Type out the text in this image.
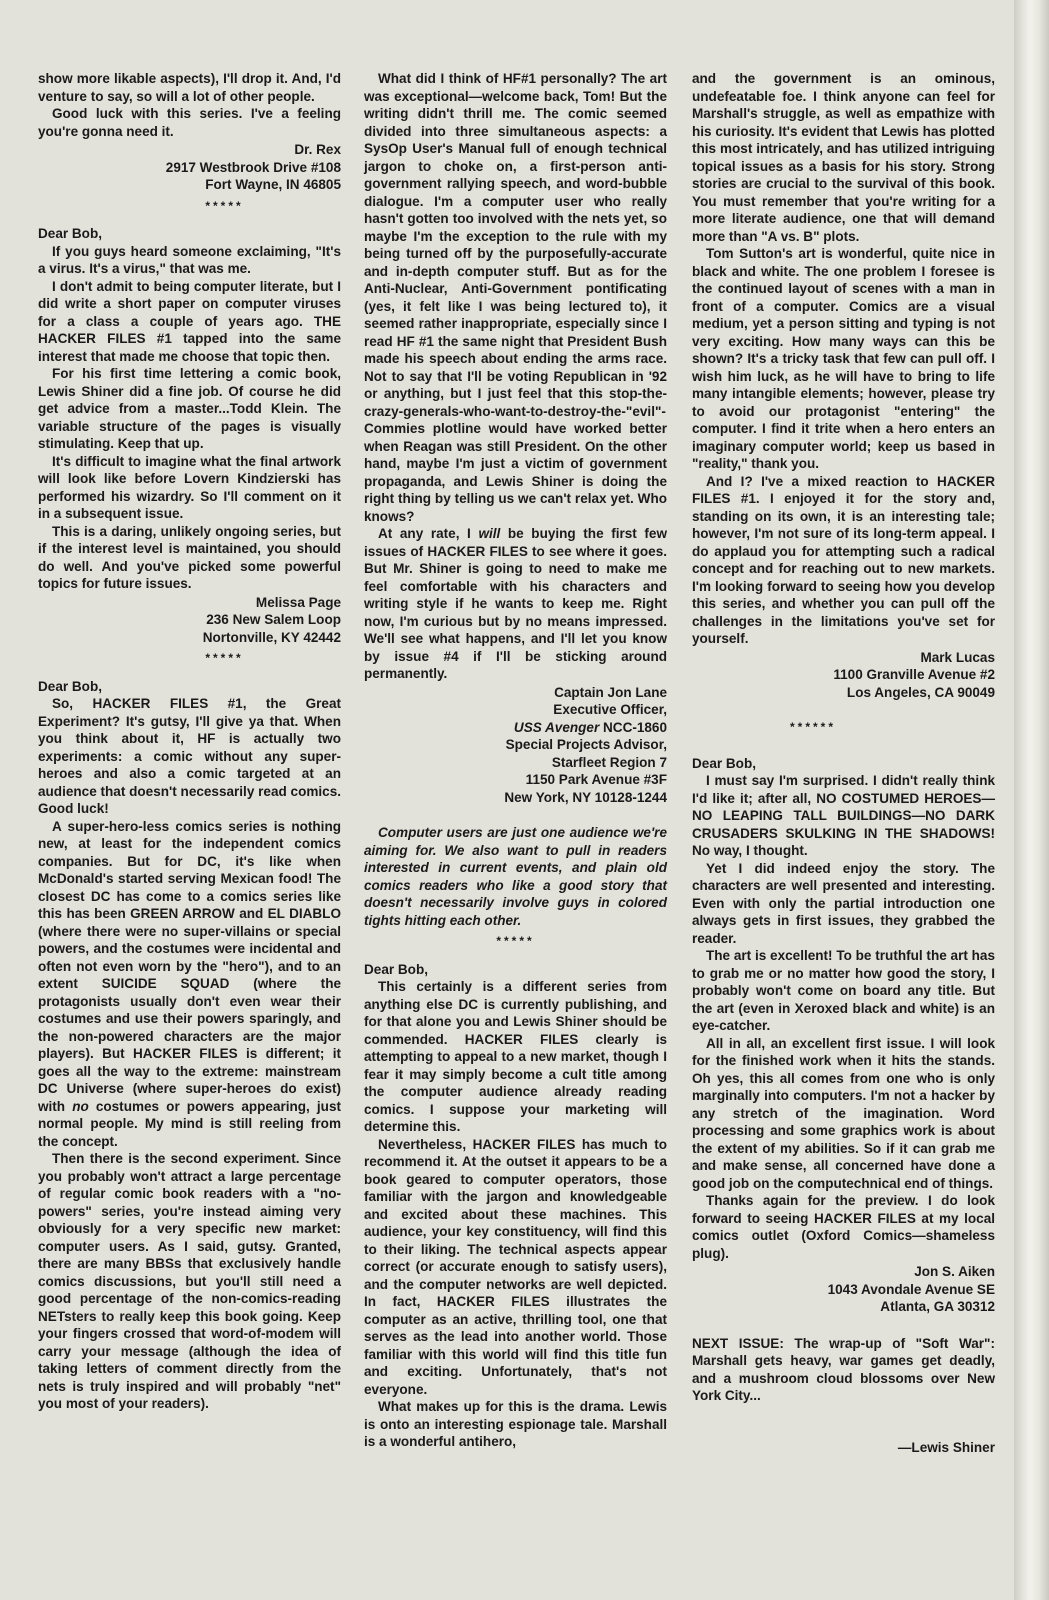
show more likable aspects), I'll drop it. And, I'd venture to say, so will a lot of other people.

Good luck with this series. I've a feeling you're gonna need it.

Dr. Rex
2917 Westbrook Drive #108
Fort Wayne, IN 46805
*****

Dear Bob,

If you guys heard someone exclaiming, "It's a virus. It's a virus," that was me.

I don't admit to being computer literate, but I did write a short paper on computer viruses for a class a couple of years ago. THE HACKER FILES #1 tapped into the same interest that made me choose that topic then.

For his first time lettering a comic book, Lewis Shiner did a fine job. Of course he did get advice from a master...Todd Klein. The variable structure of the pages is visually stimulating. Keep that up.

It's difficult to imagine what the final artwork will look like before Lovern Kindzierski has performed his wizardry. So I'll comment on it in a subsequent issue.

This is a daring, unlikely ongoing series, but if the interest level is maintained, you should do well. And you've picked some powerful topics for future issues.

Melissa Page
236 New Salem Loop
Nortonville, KY 42442
*****

Dear Bob,

So, HACKER FILES #1, the Great Experiment? It's gutsy, I'll give ya that. When you think about it, HF is actually two experiments: a comic without any super-heroes and also a comic targeted at an audience that doesn't necessarily read comics. Good luck!

A super-hero-less comics series is nothing new, at least for the independent comics companies. But for DC, it's like when McDonald's started serving Mexican food! The closest DC has come to a comics series like this has been GREEN ARROW and EL DIABLO (where there were no super-villains or special powers, and the costumes were incidental and often not even worn by the "hero"), and to an extent SUICIDE SQUAD (where the protagonists usually don't even wear their costumes and use their powers sparingly, and the non-powered characters are the major players). But HACKER FILES is different; it goes all the way to the extreme: mainstream DC Universe (where super-heroes do exist) with no costumes or powers appearing, just normal people. My mind is still reeling from the concept.

Then there is the second experiment. Since you probably won't attract a large percentage of regular comic book readers with a "no-powers" series, you're instead aiming very obviously for a very specific new market: computer users. As I said, gutsy. Granted, there are many BBSs that exclusively handle comics discussions, but you'll still need a good percentage of the non-comics-reading NETsters to really keep this book going. Keep your fingers crossed that word-of-modem will carry your message (although the idea of taking letters of comment directly from the nets is truly inspired and will probably "net" you most of your readers).

What did I think of HF#1 personally? The art was exceptional—welcome back, Tom! But the writing didn't thrill me. The comic seemed divided into three simultaneous aspects: a SysOp User's Manual full of enough technical jargon to choke on, a first-person anti-government rallying speech, and word-bubble dialogue. I'm a computer user who really hasn't gotten too involved with the nets yet, so maybe I'm the exception to the rule with my being turned off by the purposefully-accurate and in-depth computer stuff. But as for the Anti-Nuclear, Anti-Government pontificating (yes, it felt like I was being lectured to), it seemed rather inappropriate, especially since I read HF #1 the same night that President Bush made his speech about ending the arms race. Not to say that I'll be voting Republican in '92 or anything, but I just feel that this stop-the-crazy-generals-who-want-to-destroy-the-"evil"-Commies plotline would have worked better when Reagan was still President. On the other hand, maybe I'm just a victim of government propaganda, and Lewis Shiner is doing the right thing by telling us we can't relax yet. Who knows?

At any rate, I will be buying the first few issues of HACKER FILES to see where it goes. But Mr. Shiner is going to need to make me feel comfortable with his characters and writing style if he wants to keep me. Right now, I'm curious but by no means impressed. We'll see what happens, and I'll let you know by issue #4 if I'll be sticking around permanently.

Captain Jon Lane
Executive Officer,
USS Avenger NCC-1860
Special Projects Advisor,
Starfleet Region 7
1150 Park Avenue #3F
New York, NY 10128-1244

Computer users are just one audience we're aiming for. We also want to pull in readers interested in current events, and plain old comics readers who like a good story that doesn't necessarily involve guys in colored tights hitting each other.

*****

Dear Bob,

This certainly is a different series from anything else DC is currently publishing, and for that alone you and Lewis Shiner should be commended. HACKER FILES clearly is attempting to appeal to a new market, though I fear it may simply become a cult title among the computer audience already reading comics. I suppose your marketing will determine this.

Nevertheless, HACKER FILES has much to recommend it. At the outset it appears to be a book geared to computer operators, those familiar with the jargon and knowledgeable and excited about these machines. This audience, your key constituency, will find this to their liking. The technical aspects appear correct (or accurate enough to satisfy users), and the computer networks are well depicted. In fact, HACKER FILES illustrates the computer as an active, thrilling tool, one that serves as the lead into another world. Those familiar with this world will find this title fun and exciting. Unfortunately, that's not everyone.

What makes up for this is the drama. Lewis is onto an interesting espionage tale. Marshall is a wonderful antihero,

and the government is an ominous, undefeatable foe. I think anyone can feel for Marshall's struggle, as well as empathize with his curiosity. It's evident that Lewis has plotted this most intricately, and has utilized intriguing topical issues as a basis for his story. Strong stories are crucial to the survival of this book. You must remember that you're writing for a more literate audience, one that will demand more than "A vs. B" plots.

Tom Sutton's art is wonderful, quite nice in black and white. The one problem I foresee is the continued layout of scenes with a man in front of a computer. Comics are a visual medium, yet a person sitting and typing is not very exciting. How many ways can this be shown? It's a tricky task that few can pull off. I wish him luck, as he will have to bring to life many intangible elements; however, please try to avoid our protagonist "entering" the computer. I find it trite when a hero enters an imaginary computer world; keep us based in "reality," thank you.

And I? I've a mixed reaction to HACKER FILES #1. I enjoyed it for the story and, standing on its own, it is an interesting tale; however, I'm not sure of its long-term appeal. I do applaud you for attempting such a radical concept and for reaching out to new markets. I'm looking forward to seeing how you develop this series, and whether you can pull off the challenges in the limitations you've set for yourself.

Mark Lucas
1100 Granville Avenue #2
Los Angeles, CA 90049
******

Dear Bob,

I must say I'm surprised. I didn't really think I'd like it; after all, NO COSTUMED HEROES—NO LEAPING TALL BUILDINGS—NO DARK CRUSADERS SKULKING IN THE SHADOWS! No way, I thought.

Yet I did indeed enjoy the story. The characters are well presented and interesting. Even with only the partial introduction one always gets in first issues, they grabbed the reader.

The art is excellent! To be truthful the art has to grab me or no matter how good the story, I probably won't come on board any title. But the art (even in Xeroxed black and white) is an eye-catcher.

All in all, an excellent first issue. I will look for the finished work when it hits the stands. Oh yes, this all comes from one who is only marginally into computers. I'm not a hacker by any stretch of the imagination. Word processing and some graphics work is about the extent of my abilities. So if it can grab me and make sense, all concerned have done a good job on the computechnical end of things.

Thanks again for the preview. I do look forward to seeing HACKER FILES at my local comics outlet (Oxford Comics—shameless plug).

Jon S. Aiken
1043 Avondale Avenue SE
Atlanta, GA 30312

NEXT ISSUE: The wrap-up of "Soft War": Marshall gets heavy, war games get deadly, and a mushroom cloud blossoms over New York City...

—Lewis Shiner
